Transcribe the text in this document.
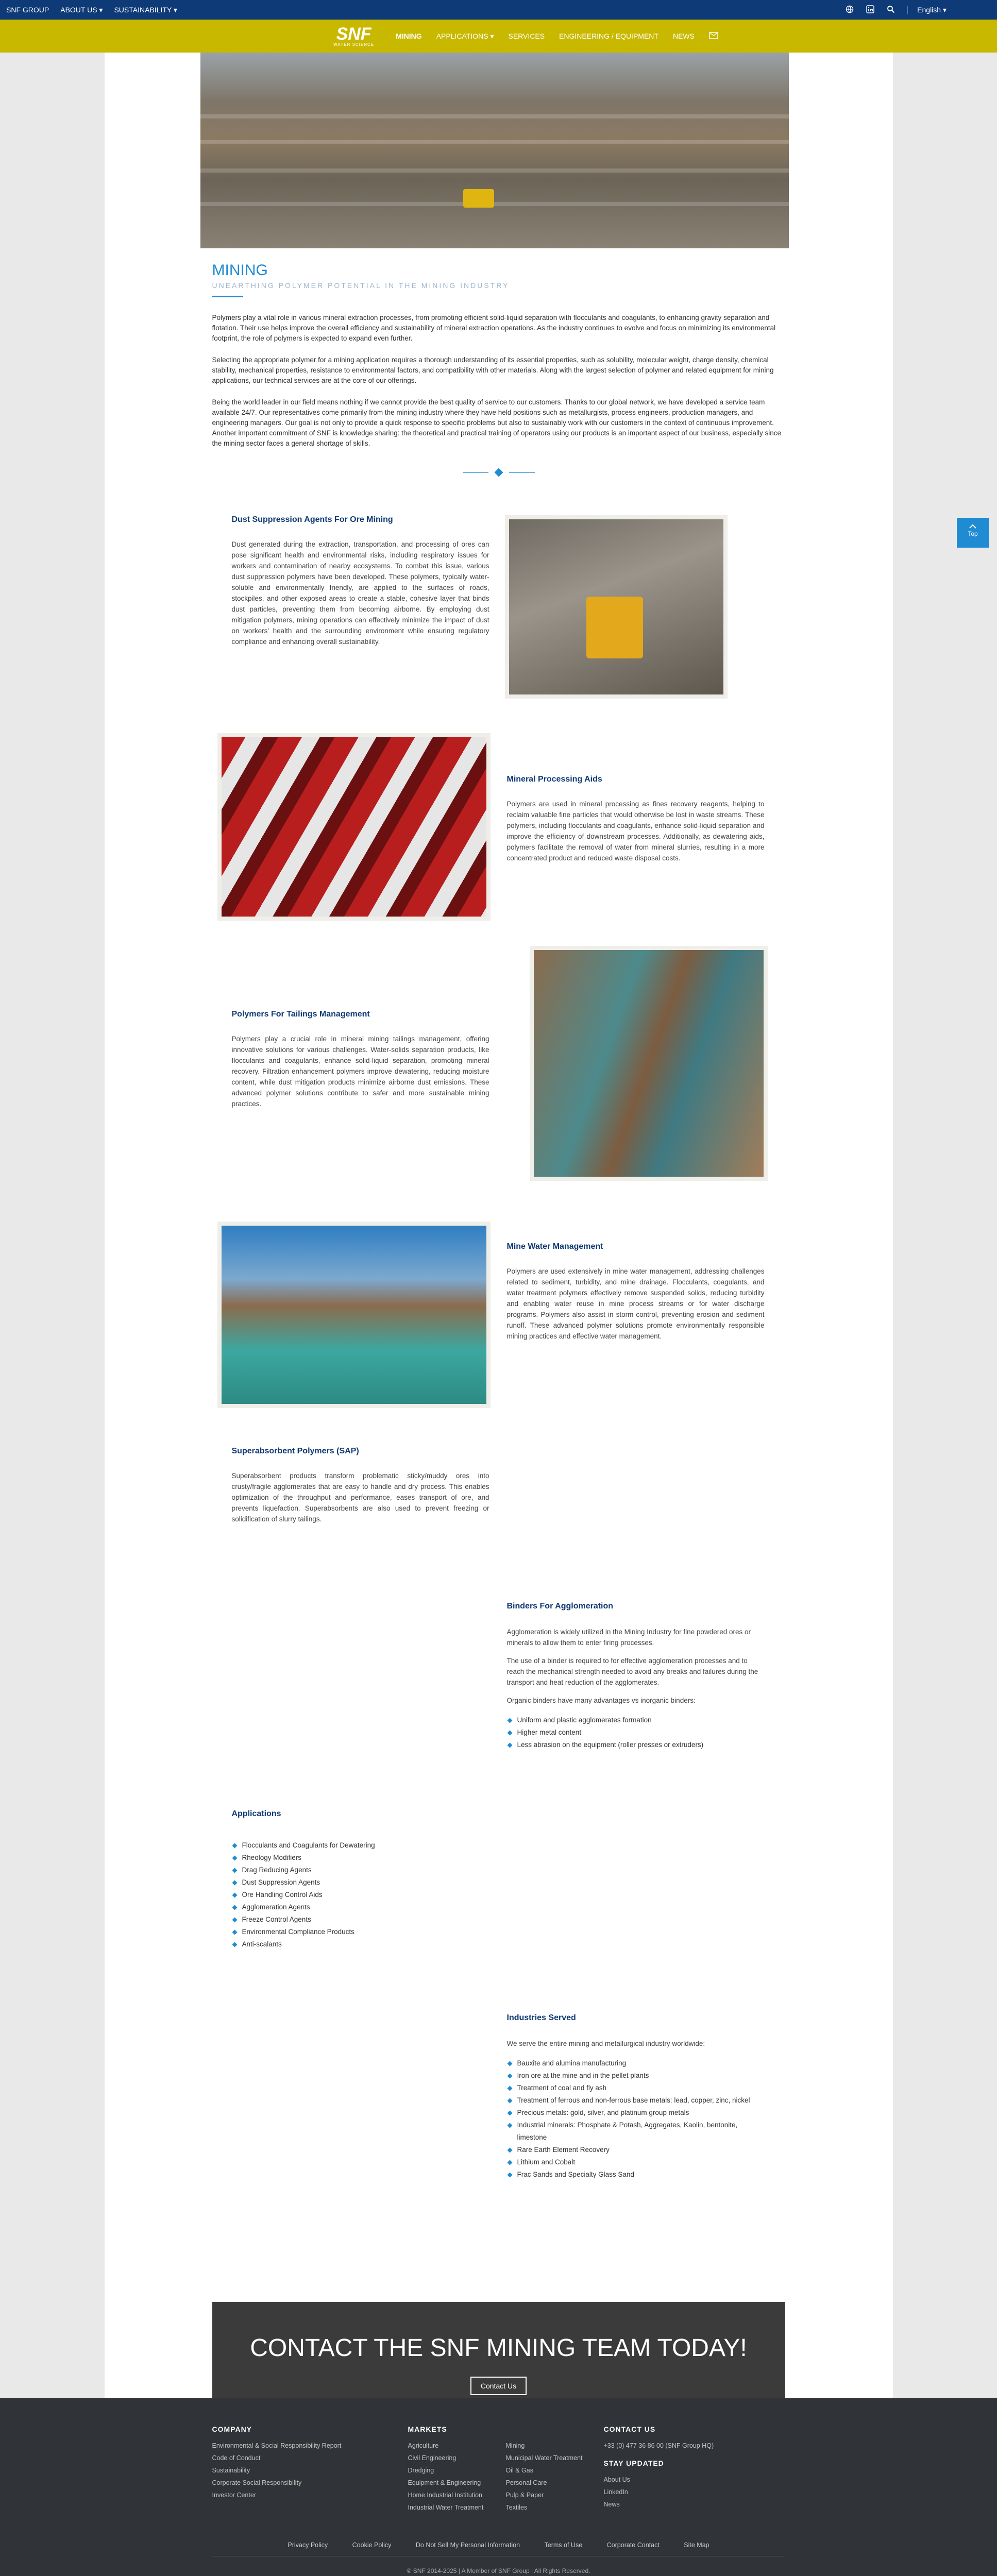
SNF GROUP ABOUT US ▾ SUSTAINABILITY ▾	English ▾
SNF
WATER SCIENCE
MINING APPLICATIONS ▾ SERVICES ENGINEERING / EQUIPMENT NEWS
MINING
UNEARTHING POLYMER POTENTIAL IN THE MINING INDUSTRY

Polymers play a vital role in various mineral extraction processes, from promoting efficient solid-liquid separation with flocculants and coagulants, to enhancing gravity separation and flotation. Their use helps improve the overall efficiency and sustainability of mineral extraction operations. As the industry continues to evolve and focus on minimizing its environmental footprint, the role of polymers is expected to expand even further.

Selecting the appropriate polymer for a mining application requires a thorough understanding of its essential properties, such as solubility, molecular weight, charge density, chemical stability, mechanical properties, resistance to environmental factors, and compatibility with other materials. Along with the largest selection of polymer and related equipment for mining applications, our technical services are at the core of our offerings.

Being the world leader in our field means nothing if we cannot provide the best quality of service to our customers. Thanks to our global network, we have developed a service team available 24/7. Our representatives come primarily from the mining industry where they have held positions such as metallurgists, process engineers, production managers, and engineering managers. Our goal is not only to provide a quick response to specific problems but also to sustainably work with our customers in the context of continuous improvement. Another important commitment of SNF is knowledge sharing: the theoretical and practical training of operators using our products is an important aspect of our business, especially since the mining sector faces a general shortage of skills.

Dust Suppression Agents For Ore Mining
Dust generated during the extraction, transportation, and processing of ores can pose significant health and environmental risks, including respiratory issues for workers and contamination of nearby ecosystems. To combat this issue, various dust suppression polymers have been developed. These polymers, typically water-soluble and environmentally friendly, are applied to the surfaces of roads, stockpiles, and other exposed areas to create a stable, cohesive layer that binds dust particles, preventing them from becoming airborne. By employing dust mitigation polymers, mining operations can effectively minimize the impact of dust on workers' health and the surrounding environment while ensuring regulatory compliance and enhancing overall sustainability.
Mineral Processing Aids
Polymers are used in mineral processing as fines recovery reagents, helping to reclaim valuable fine particles that would otherwise be lost in waste streams. These polymers, including flocculants and coagulants, enhance solid-liquid separation and improve the efficiency of downstream processes. Additionally, as dewatering aids, polymers facilitate the removal of water from mineral slurries, resulting in a more concentrated product and reduced waste disposal costs.
Polymers For Tailings Management
Polymers play a crucial role in mineral mining tailings management, offering innovative solutions for various challenges. Water-solids separation products, like flocculants and coagulants, enhance solid-liquid separation, promoting mineral recovery. Filtration enhancement polymers improve dewatering, reducing moisture content, while dust mitigation products minimize airborne dust emissions. These advanced polymer solutions contribute to safer and more sustainable mining practices.
Mine Water Management
Polymers are used extensively in mine water management, addressing challenges related to sediment, turbidity, and mine drainage. Flocculants, coagulants, and water treatment polymers effectively remove suspended solids, reducing turbidity and enabling water reuse in mine process streams or for water discharge programs. Polymers also assist in storm control, preventing erosion and sediment runoff. These advanced polymer solutions promote environmentally responsible mining practices and effective water management.
Superabsorbent Polymers (SAP)
Superabsorbent products transform problematic sticky/muddy ores into crusty/fragile agglomerates that are easy to handle and dry process. This enables optimization of the throughput and performance, eases transport of ore, and prevents liquefaction. Superabsorbents are also used to prevent freezing or solidification of slurry tailings.
Binders For Agglomeration
Agglomeration is widely utilized in the Mining Industry for fine powdered ores or minerals to allow them to enter firing processes.
The use of a binder is required to for effective agglomeration processes and to reach the mechanical strength needed to avoid any breaks and failures during the transport and heat reduction of the agglomerates.
Organic binders have many advantages vs inorganic binders:
Uniform and plastic agglomerates formation
Higher metal content
Less abrasion on the equipment (roller presses or extruders)
Applications
Flocculants and Coagulants for Dewatering
Rheology Modifiers
Drag Reducing Agents
Dust Suppression Agents
Ore Handling Control Aids
Agglomeration Agents
Freeze Control Agents
Environmental Compliance Products
Anti-scalants
Industries Served
We serve the entire mining and metallurgical industry worldwide:
Bauxite and alumina manufacturing
Iron ore at the mine and in the pellet plants
Treatment of coal and fly ash
Treatment of ferrous and non-ferrous base metals: lead, copper, zinc, nickel
Precious metals: gold, silver, and platinum group metals
Industrial minerals: Phosphate & Potash, Aggregates, Kaolin, bentonite, limestone
Rare Earth Element Recovery
Lithium and Cobalt
Frac Sands and Specialty Glass Sand
CONTACT THE SNF MINING TEAM TODAY!
Contact Us
Top
COMPANY
Environmental & Social Responsibility Report
Code of Conduct
Sustainability
Corporate Social Responsibility
Investor Center
MARKETS
Agriculture
Civil Engineering
Dredging
Equipment & Engineering
Home Industrial Institution
Industrial Water Treatment
Mining
Municipal Water Treatment
Oil & Gas
Personal Care
Pulp & Paper
Textiles
CONTACT US
+33 (0) 477 36 86 00 (SNF Group HQ)
STAY UPDATED
About Us
LinkedIn
News
Privacy Policy	Cookie Policy	Do Not Sell My Personal Information	Terms of Use	Corporate Contact	Site Map
© SNF 2014-2025 | A Member of SNF Group | All Rights Reserved.
